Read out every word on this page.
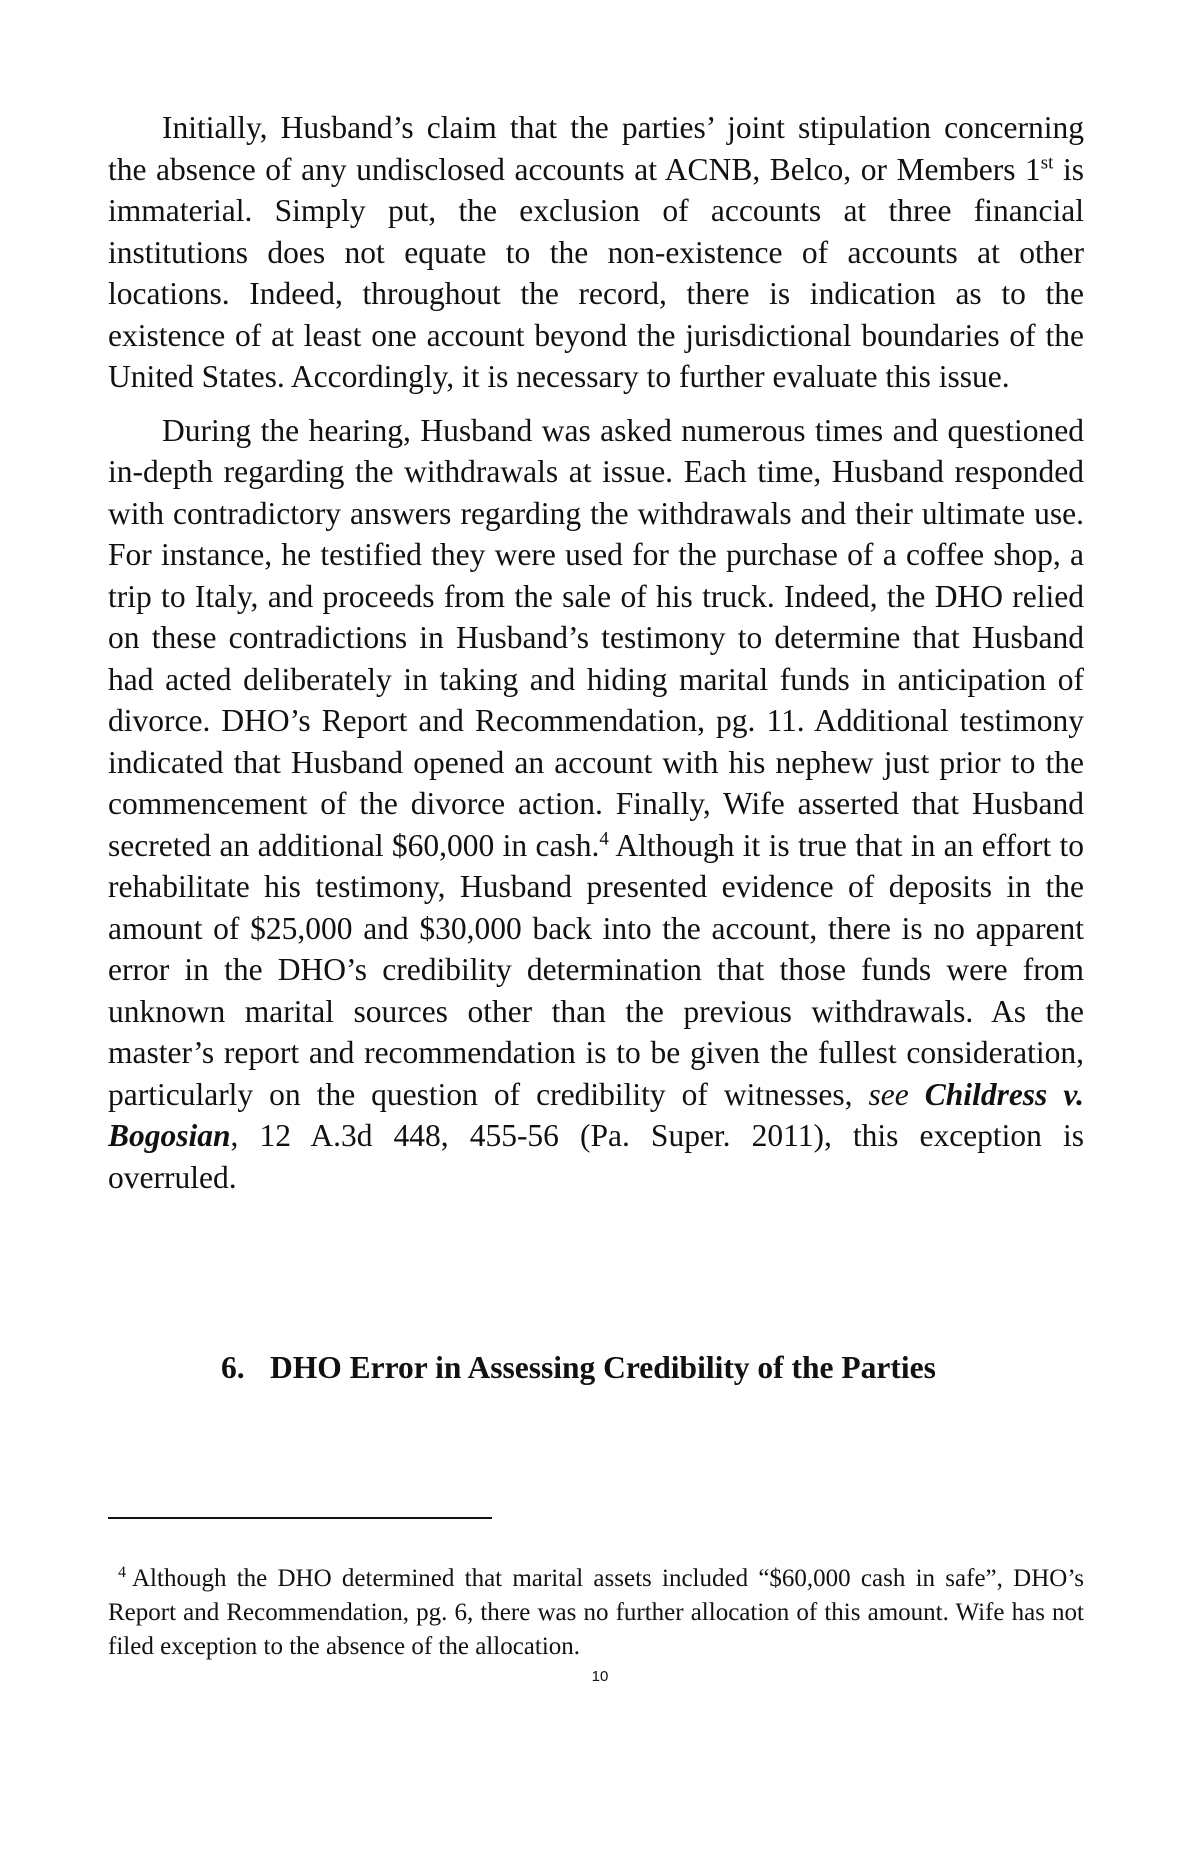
Initially, Husband’s claim that the parties’ joint stipulation concerning the absence of any undisclosed accounts at ACNB, Belco, or Members 1st is immaterial. Simply put, the exclusion of accounts at three financial institutions does not equate to the non-existence of accounts at other locations. Indeed, throughout the record, there is indication as to the existence of at least one account beyond the jurisdictional boundaries of the United States. Accordingly, it is necessary to further evaluate this issue.

During the hearing, Husband was asked numerous times and questioned in-depth regarding the withdrawals at issue. Each time, Husband responded with contradictory answers regarding the withdrawals and their ultimate use. For instance, he testified they were used for the purchase of a coffee shop, a trip to Italy, and proceeds from the sale of his truck. Indeed, the DHO relied on these contradictions in Husband’s testimony to determine that Husband had acted deliberately in taking and hiding marital funds in anticipation of divorce. DHO’s Report and Recommendation, pg. 11. Additional testimony indicated that Husband opened an account with his nephew just prior to the commencement of the divorce action. Finally, Wife asserted that Husband secreted an additional $60,000 in cash.$^4$ Although it is true that in an effort to rehabilitate his testimony, Husband presented evidence of deposits in the amount of $25,000 and $30,000 back into the account, there is no apparent error in the DHO’s credibility determination that those funds were from unknown marital sources other than the previous withdrawals. As the master’s report and recommendation is to be given the fullest consideration, particularly on the question of credibility of witnesses, see Childress v. Bogosian, 12 A.3d 448, 455-56 (Pa. Super. 2011), this exception is overruled.

6. DHO Error in Assessing Credibility of the Parties

$^4$ Although the DHO determined that marital assets included “$60,000 cash in safe”, DHO’s Report and Recommendation, pg. 6, there was no further allocation of this amount. Wife has not filed exception to the absence of the allocation.

10
